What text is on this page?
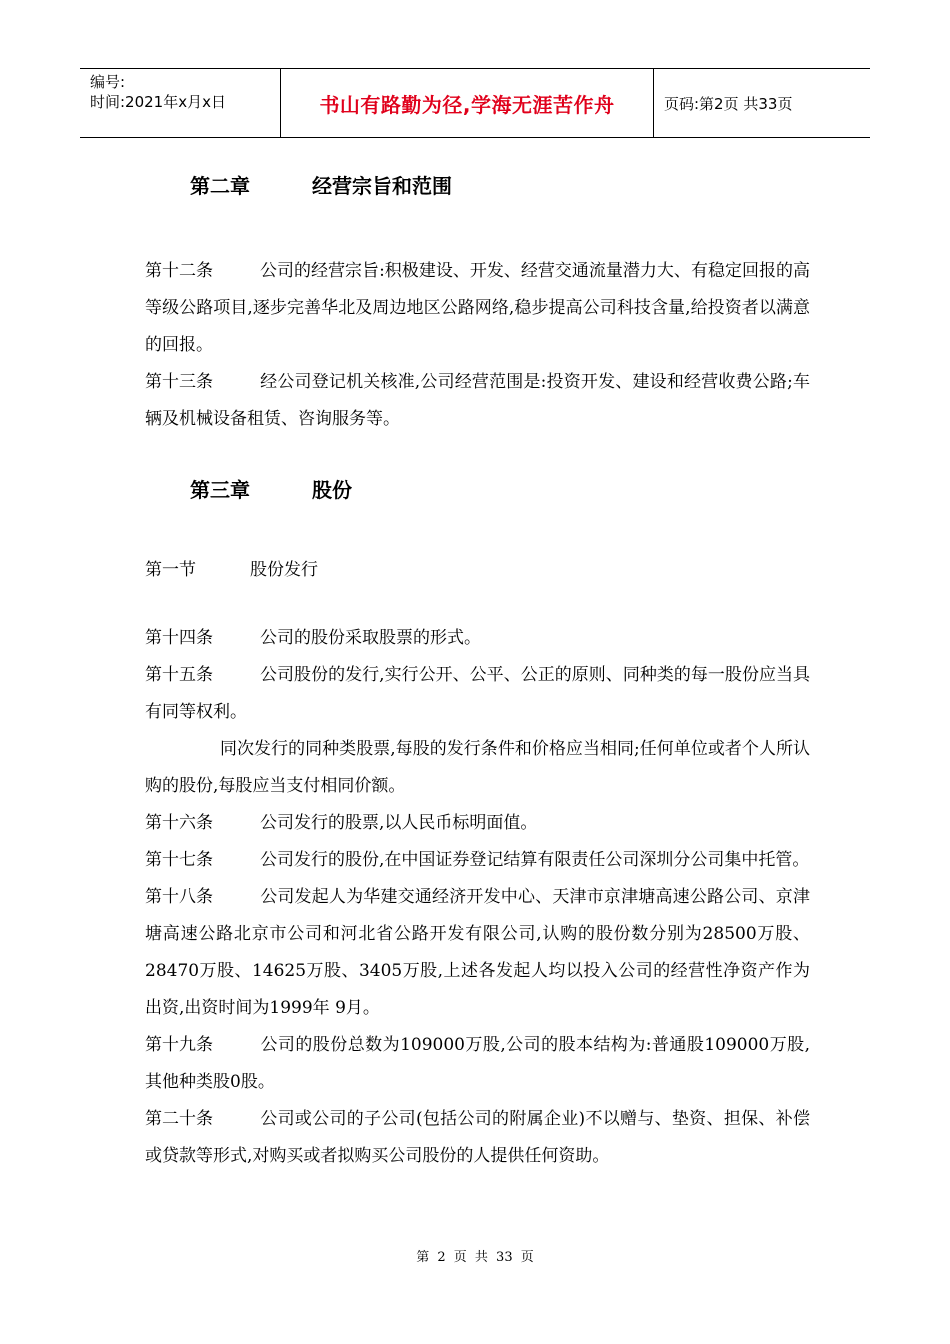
编号:
时间:2021年x月x日	书山有路勤为径,学海无涯苦作舟	页码:第2页 共33页
第二章	经营宗旨和范围

第十二条	公司的经营宗旨:积极建设、开发、经营交通流量潜力大、有稳定回报的高等级公路项目,逐步完善华北及周边地区公路网络,稳步提高公司科技含量,给投资者以满意的回报。

第十三条	经公司登记机关核准,公司经营范围是:投资开发、建设和经营收费公路;车辆及机械设备租赁、咨询服务等。

第三章	股份
第一节	股份发行

第十四条	公司的股份采取股票的形式。

第十五条	公司股份的发行,实行公开、公平、公正的原则、同种类的每一股份应当具有同等权利。

同次发行的同种类股票,每股的发行条件和价格应当相同;任何单位或者个人所认购的股份,每股应当支付相同价额。

第十六条	公司发行的股票,以人民币标明面值。

第十七条	公司发行的股份,在中国证券登记结算有限责任公司深圳分公司集中托管。

第十八条	公司发起人为华建交通经济开发中心、天津市京津塘高速公路公司、京津塘高速公路北京市公司和河北省公路开发有限公司,认购的股份数分别为28500万股、28470万股、14625万股、3405万股,上述各发起人均以投入公司的经营性净资产作为出资,出资时间为1999年 9月。

第十九条	公司的股份总数为109000万股,公司的股本结构为:普通股109000万股,其他种类股0股。

第二十条	公司或公司的子公司(包括公司的附属企业)不以赠与、垫资、担保、补偿或贷款等形式,对购买或者拟购买公司股份的人提供任何资助。

第 2 页 共 33 页
